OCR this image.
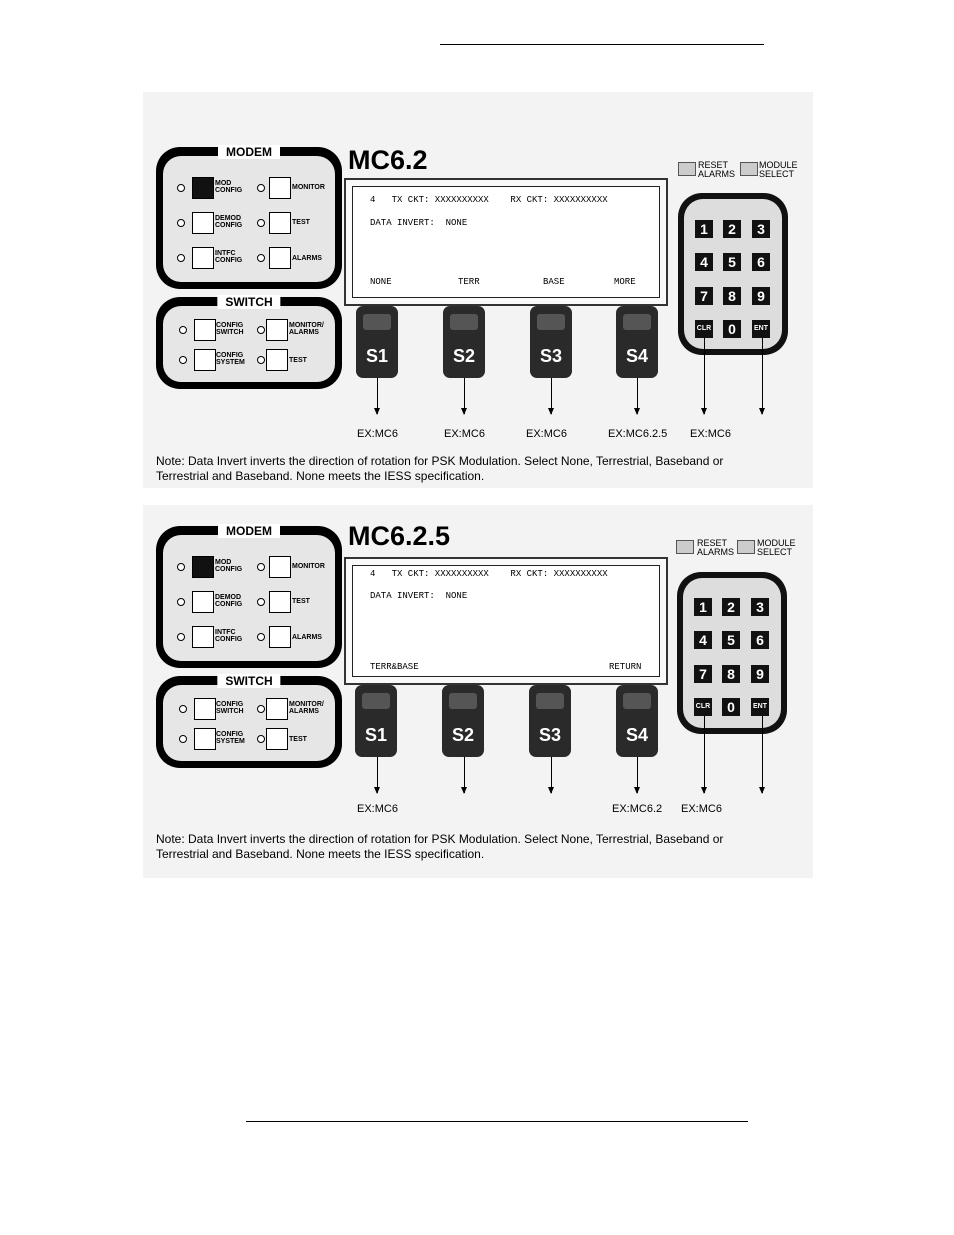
MC6.2
MODEM
MOD
CONFIG	MONITOR
DEMOD
CONFIG	TEST
INTFC
CONFIG	ALARMS
SWITCH
CONFIG
SWITCH
MONITOR/
ALARMS
CONFIG
SYSTEM	TEST
4   TX CKT: XXXXXXXXXX    RX CKT: XXXXXXXXXX
DATA INVERT:  NONE
NONE	TERR	BASE	MORE
S1	S2	S3	S4
RESET
ALARMS
MODULE
SELECT
1	2	3
4	5	6
7	8	9
CLR	0	ENT
EX:MC6	EX:MC6	EX:MC6	EX:MC6.2.5 EX:MC6
Note: Data Invert inverts the direction of rotation for PSK Modulation. Select None, Terrestrial, Baseband or Terrestrial and Baseband. None meets the IESS specification.
MC6.2.5
MODEM
MOD
CONFIG	MONITOR
DEMOD
CONFIG	TEST
INTFC
CONFIG	ALARMS
SWITCH
CONFIG
SWITCH
MONITOR/
ALARMS
CONFIG
SYSTEM	TEST
4   TX CKT: XXXXXXXXXX    RX CKT: XXXXXXXXXX
DATA INVERT:  NONE
TERR&BASE	RETURN
S1	S2	S3	S4
RESET
ALARMS
MODULE
SELECT
1	2	3
4	5	6
7	8	9
CLR	0	ENT
EX:MC6	EX:MC6.2 EX:MC6
Note: Data Invert inverts the direction of rotation for PSK Modulation. Select None, Terrestrial, Baseband or Terrestrial and Baseband. None meets the IESS specification.
